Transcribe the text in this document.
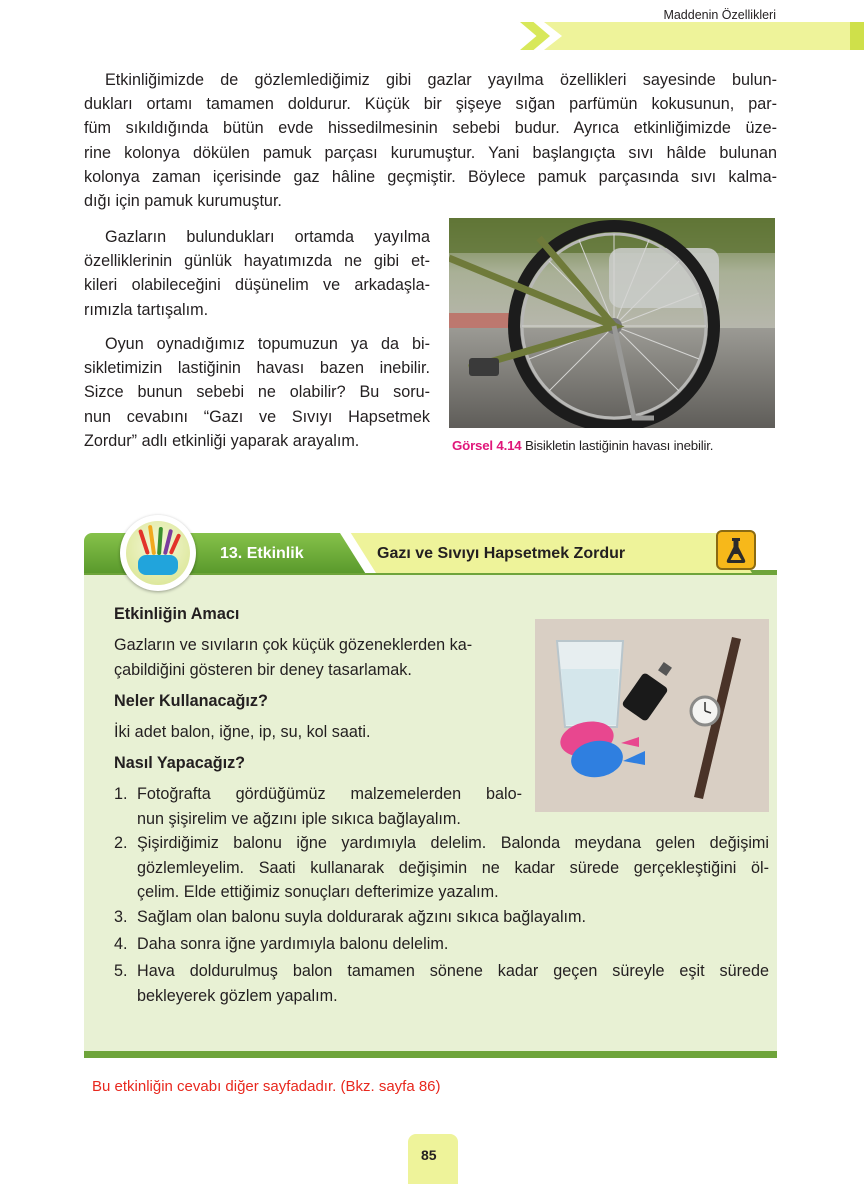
Maddenin Özellikleri
Etkinliğimizde de gözlemlediğimiz gibi gazlar yayılma özellikleri sayesinde bulun-
dukları ortamı tamamen doldurur. Küçük bir şişeye sığan parfümün kokusunun, par-
füm sıkıldığında bütün evde hissedilmesinin sebebi budur. Ayrıca etkinliğimizde üze-
rine kolonya dökülen pamuk parçası kurumuştur. Yani başlangıçta sıvı hâlde bulunan
kolonya zaman içerisinde gaz hâline geçmiştir. Böylece pamuk parçasında sıvı kalma-
dığı için pamuk kurumuştur.
Gazların bulundukları ortamda yayılma
özelliklerinin günlük hayatımızda ne gibi et-
kileri olabileceğini düşünelim ve arkadaşla-
rımızla tartışalım.
Oyun oynadığımız topumuzun ya da bi-
sikletimizin lastiğinin havası bazen inebilir.
Sizce bunun sebebi ne olabilir? Bu soru-
nun cevabını “Gazı ve Sıvıyı Hapsetmek
Zordur” adlı etkinliği yaparak arayalım.	Görsel 4.14 Bisikletin lastiğinin havası inebilir.
13. Etkinlik	Gazı ve Sıvıyı Hapsetmek Zordur
Etkinliğin Amacı
Gazların ve sıvıların çok küçük gözeneklerden ka-
çabildiğini gösteren bir deney tasarlamak.
Neler Kullanacağız?
İki adet balon, iğne, ip, su, kol saati.
Nasıl Yapacağız?
1. Fotoğrafta gördüğümüz malzemelerden balo-
nun şişirelim ve ağzını iple sıkıca bağlayalım.
2. Şişirdiğimiz balonu iğne yardımıyla delelim. Balonda meydana gelen değişimi
gözlemleyelim. Saati kullanarak değişimin ne kadar sürede gerçekleştiğini öl-
çelim. Elde ettiğimiz sonuçları defterimize yazalım.
3. Sağlam olan balonu suyla doldurarak ağzını sıkıca bağlayalım.
4. Daha sonra iğne yardımıyla balonu delelim.
5. Hava doldurulmuş balon tamamen sönene kadar geçen süreyle eşit sürede
bekleyerek gözlem yapalım.
Bu etkinliğin cevabı diğer sayfadadır. (Bkz. sayfa 86)
85
